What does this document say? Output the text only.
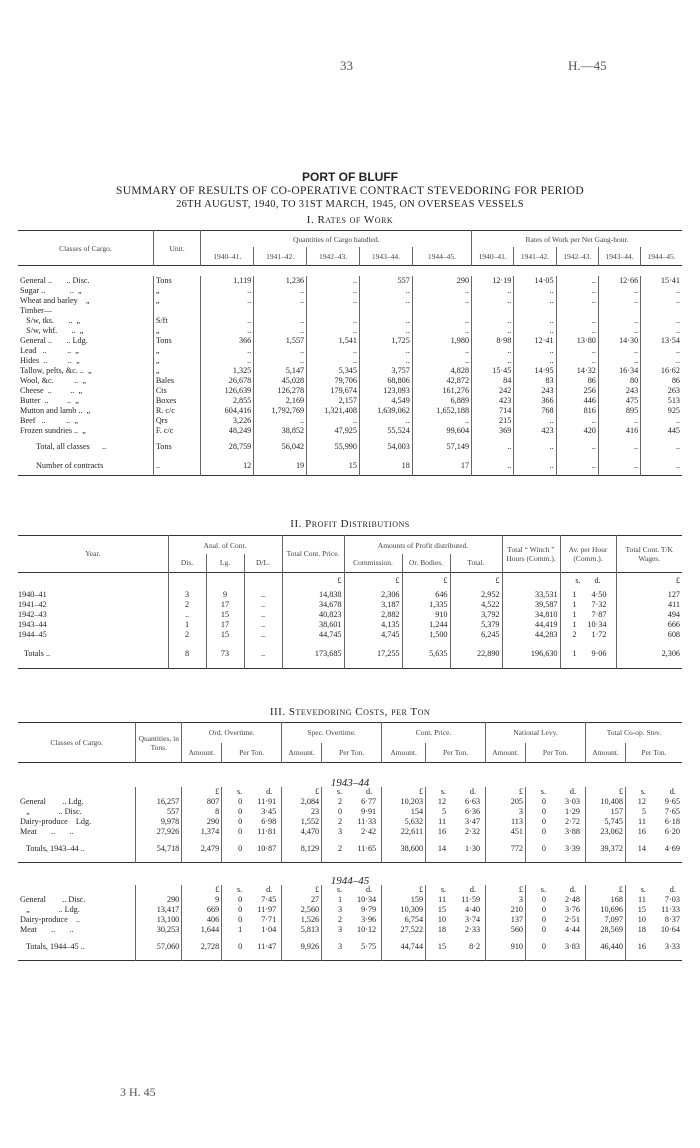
33	H.—45
PORT OF BLUFF
SUMMARY OF RESULTS OF CO-OPERATIVE CONTRACT STEVEDORING FOR PERIOD
26TH AUGUST, 1940, TO 31ST MARCH, 1945, ON OVERSEAS VESSELS
I. Rates of Work
Classes of Cargo.	Unit.	Quantities of Cargo handled.					Rates of Work per Net Gang-hour.				
		1940–41.	1941–42.	1942–43.	1943–44.	1944–45.	1940–41.	1941–42.	1942–43.	1943–44.	1944–45.

General ..       .. Disc.	Tons	1,119	1,236	..	557	290	12·19	14·05	..	12·66	15·41
Sugar ..            ..  „	„	..	..	..	..	..	..	..	..	..	..
Wheat and barley    „	„	..	..	..	..	..	..	..	..	..	..
Timber—											
S/w, tks.       ..  „	S/ft	..	..	..	..	..	..	..	..	..	..
S/w, whf.       ..  „	„	..	..	..	..	..	..	..	..	..	..
General ..       .. Ldg.	Tons	366	1,557	1,541	1,725	1,980	8·98	12·41	13·80	14·30	13·54
Lead   ..          ..  „	„	..	..	..	..	..	..	..	..	..	..
Hides  ..          ..  „	„	..	..	..	..	..	..	..	..	..	..
Tallow, pelts, &c. ..  „	„	1,325	5,147	5,345	3,757	4,828	15·45	14·95	14·32	16·34	16·62
Wool, &c.          ..  „	Bales	26,678	45,028	79,706	68,806	42,872	84	83	86	80	86
Cheese  ..         ..  „	Cts	126,639	126,278	179,674	123,093	161,276	242	243	256	243	263
Butter  ..         ..  „	Boxes	2,855	2,169	2,157	4,549	6,889	423	366	446	475	513
Mutton and lamb ..  „	R. c/c	604,416	1,792,769	1,321,408	1,639,062	1,652,188	714	768	816	895	925
Beef   ..          ..  „	Qrs	3,226	..	..	..	..	215	..	..	..	..
Frozen sundries ..  „	F. c/c	48,249	38,852	47,925	55,524	99,604	369	423	420	416	445
Total, all classes      ..	Tons	28,759	56,042	55,990	54,003	57,149	..	..	..	..	..
Number of contracts	..	12	19	15	18	17	..	..	..	..	..
II. Profit Distributions
Year.	Anal. of Cont.			Total Cont. Price.	Amounts of Profit distributed.			Total “ Winch ” Hours (Comm.).	Av. per Hour (Comm.).	Total Cont. T/K Wages.
	Dis.	Lg.	D/L.		Commission.	Or. Bodies.	Total.			
				£	£	£	£		s. d.	£
1940–41	3	9	..	14,838	2,306	646	2,952	33,531	1 4·50	127
1941–42	2	17	..	34,678	3,187	1,335	4,522	39,587	1 7·32	411
1942–43	..	15	..	40,823	2,882	910	3,792	34,810	1 7·87	494
1943–44	1	17	..	38,601	4,135	1,244	5,379	44,419	1 10·34	666
1944–45	2	15	..	44,745	4,745	1,500	6,245	44,283	2 1·72	608
Totals ..	8	73	..	173,685	17,255	5,635	22,890	196,630	1 9·06	2,306
III. Stevedoring Costs, per Ton
Classes of Cargo.	Quantities, in Tons.	Ord. Overtime.		Spec. Overtime.		Cont. Price.		National Levy.		Total Co-op. Stev.	
		Amount.	Per Ton.	Amount.	Per Ton.	Amount.	Per Ton.	Amount.	Per Ton.	Amount.	Per Ton.
1943–44											
		£	s. d.	£	s. d.	£	s. d.	£	s. d.	£	s. d.
General        .. Ldg.	16,257	807	0 11·91	2,084	2 6·77	10,203	12 6·63	205	0 3·03	10,408	12 9·65
„              .. Disc.	557	8	0 3·45	23	0 9·91	154	5 6·36	3	0 1·29	157	5 7·65
Dairy-produce    Ldg.	9,978	290	0 6·98	1,552	2 11·33	5,632	11 3·47	113	0 2·72	5,745	11 6·18
Meat       ..       ..	27,926	1,374	0 11·81	4,470	3 2·42	22,611	16 2·32	451	0 3·88	23,062	16 6·20
Totals, 1943–44 ..	54,718	2,479	0 10·87	8,129	2 11·65	38,600	14 1·30	772	0 3·39	39,372	14 4·69
1944–45											
		£	s. d.	£	s. d.	£	s. d.	£	s. d.	£	s. d.
General        .. Disc.	290	9	0 7·45	27	1 10·34	159	11 11·59	3	0 2·48	168	11 7·03
„              .. Ldg.	13,417	669	0 11·97	2,560	3 9·79	10,309	15 4·40	210	0 3·76	10,696	15 11·33
Dairy-produce    ..	13,100	406	0 7·71	1,526	2 3·96	6,754	10 3·74	137	0 2·51	7,097	10 8·37
Meat       ..       ..	30,253	1,644	1 1·04	5,813	3 10·12	27,522	18 2·33	560	0 4·44	28,569	18 10·64
Totals, 1944–45 ..	57,060	2,728	0 11·47	9,926	3 5·75	44,744	15 8·2	910	0 3·83	46,440	16 3·33
3 H. 45
